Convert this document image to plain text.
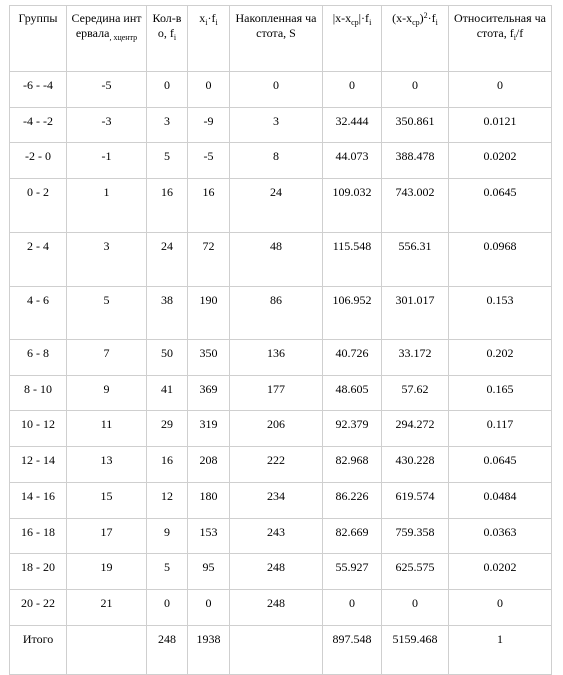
Группы	Середина интервала$_{, xцентр}$	Кол-во, $f_i$	$x_i\cdot f_i$	Накопленная частота, S	$|x-x_{ср}|\cdot f_i$	$(x-x_{ср})^2\cdot f_i$	Относительная частота, $f_i/f$
-6 - -4	-5	0	0	0	0	0	0
-4 - -2	-3	3	-9	3	32.444	350.861	0.0121
-2 - 0	-1	5	-5	8	44.073	388.478	0.0202
0 - 2	1	16	16	24	109.032	743.002	0.0645
2 - 4	3	24	72	48	115.548	556.31	0.0968
4 - 6	5	38	190	86	106.952	301.017	0.153
6 - 8	7	50	350	136	40.726	33.172	0.202
8 - 10	9	41	369	177	48.605	57.62	0.165
10 - 12	11	29	319	206	92.379	294.272	0.117
12 - 14	13	16	208	222	82.968	430.228	0.0645
14 - 16	15	12	180	234	86.226	619.574	0.0484
16 - 18	17	9	153	243	82.669	759.358	0.0363
18 - 20	19	5	95	248	55.927	625.575	0.0202
20 - 22	21	0	0	248	0	0	0
Итого		248	1938		897.548	5159.468	1
